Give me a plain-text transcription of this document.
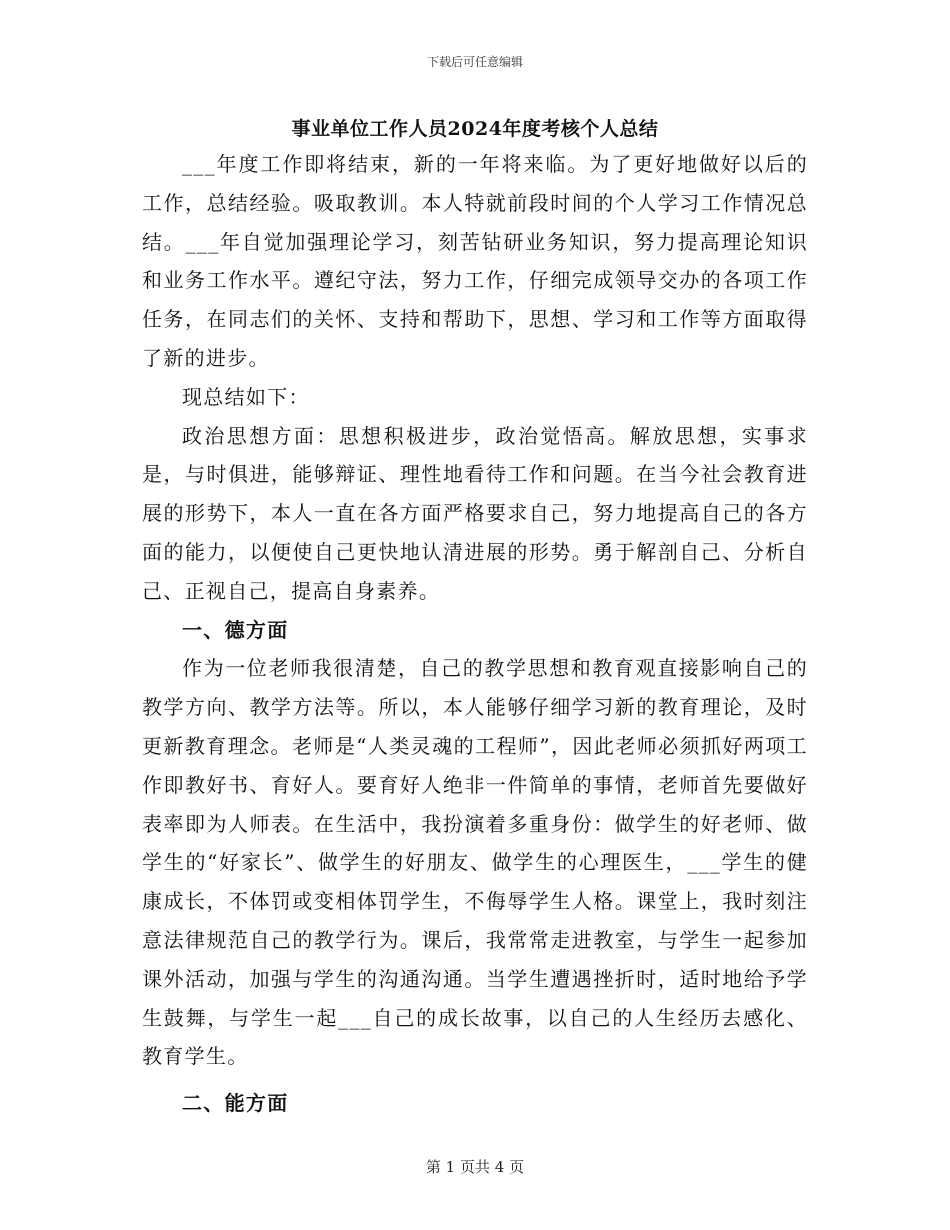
下载后可任意编辑
事业单位工作人员2024年度考核个人总结

___年度工作即将结束，新的一年将来临。为了更好地做好以后的工作，总结经验。吸取教训。本人特就前段时间的个人学习工作情况总结。___年自觉加强理论学习，刻苦钻研业务知识，努力提高理论知识和业务工作水平。遵纪守法，努力工作，仔细完成领导交办的各项工作任务，在同志们的关怀、支持和帮助下，思想、学习和工作等方面取得了新的进步。

现总结如下：

政治思想方面：思想积极进步，政治觉悟高。解放思想，实事求是，与时俱进，能够辩证、理性地看待工作和问题。在当今社会教育进展的形势下，本人一直在各方面严格要求自己，努力地提高自己的各方面的能力，以便使自己更快地认清进展的形势。勇于解剖自己、分析自己、正视自己，提高自身素养。

一、德方面

作为一位老师我很清楚，自己的教学思想和教育观直接影响自己的教学方向、教学方法等。所以，本人能够仔细学习新的教育理论，及时更新教育理念。老师是“人类灵魂的工程师”，因此老师必须抓好两项工作即教好书、育好人。要育好人绝非一件简单的事情，老师首先要做好表率即为人师表。在生活中，我扮演着多重身份：做学生的好老师、做学生的“好家长”、做学生的好朋友、做学生的心理医生，___学生的健康成长，不体罚或变相体罚学生，不侮辱学生人格。课堂上，我时刻注意法律规范自己的教学行为。课后，我常常走进教室，与学生一起参加课外活动，加强与学生的沟通沟通。当学生遭遇挫折时，适时地给予学生鼓舞，与学生一起___自己的成长故事，以自己的人生经历去感化、教育学生。

二、能方面

第 1 页共 4 页
